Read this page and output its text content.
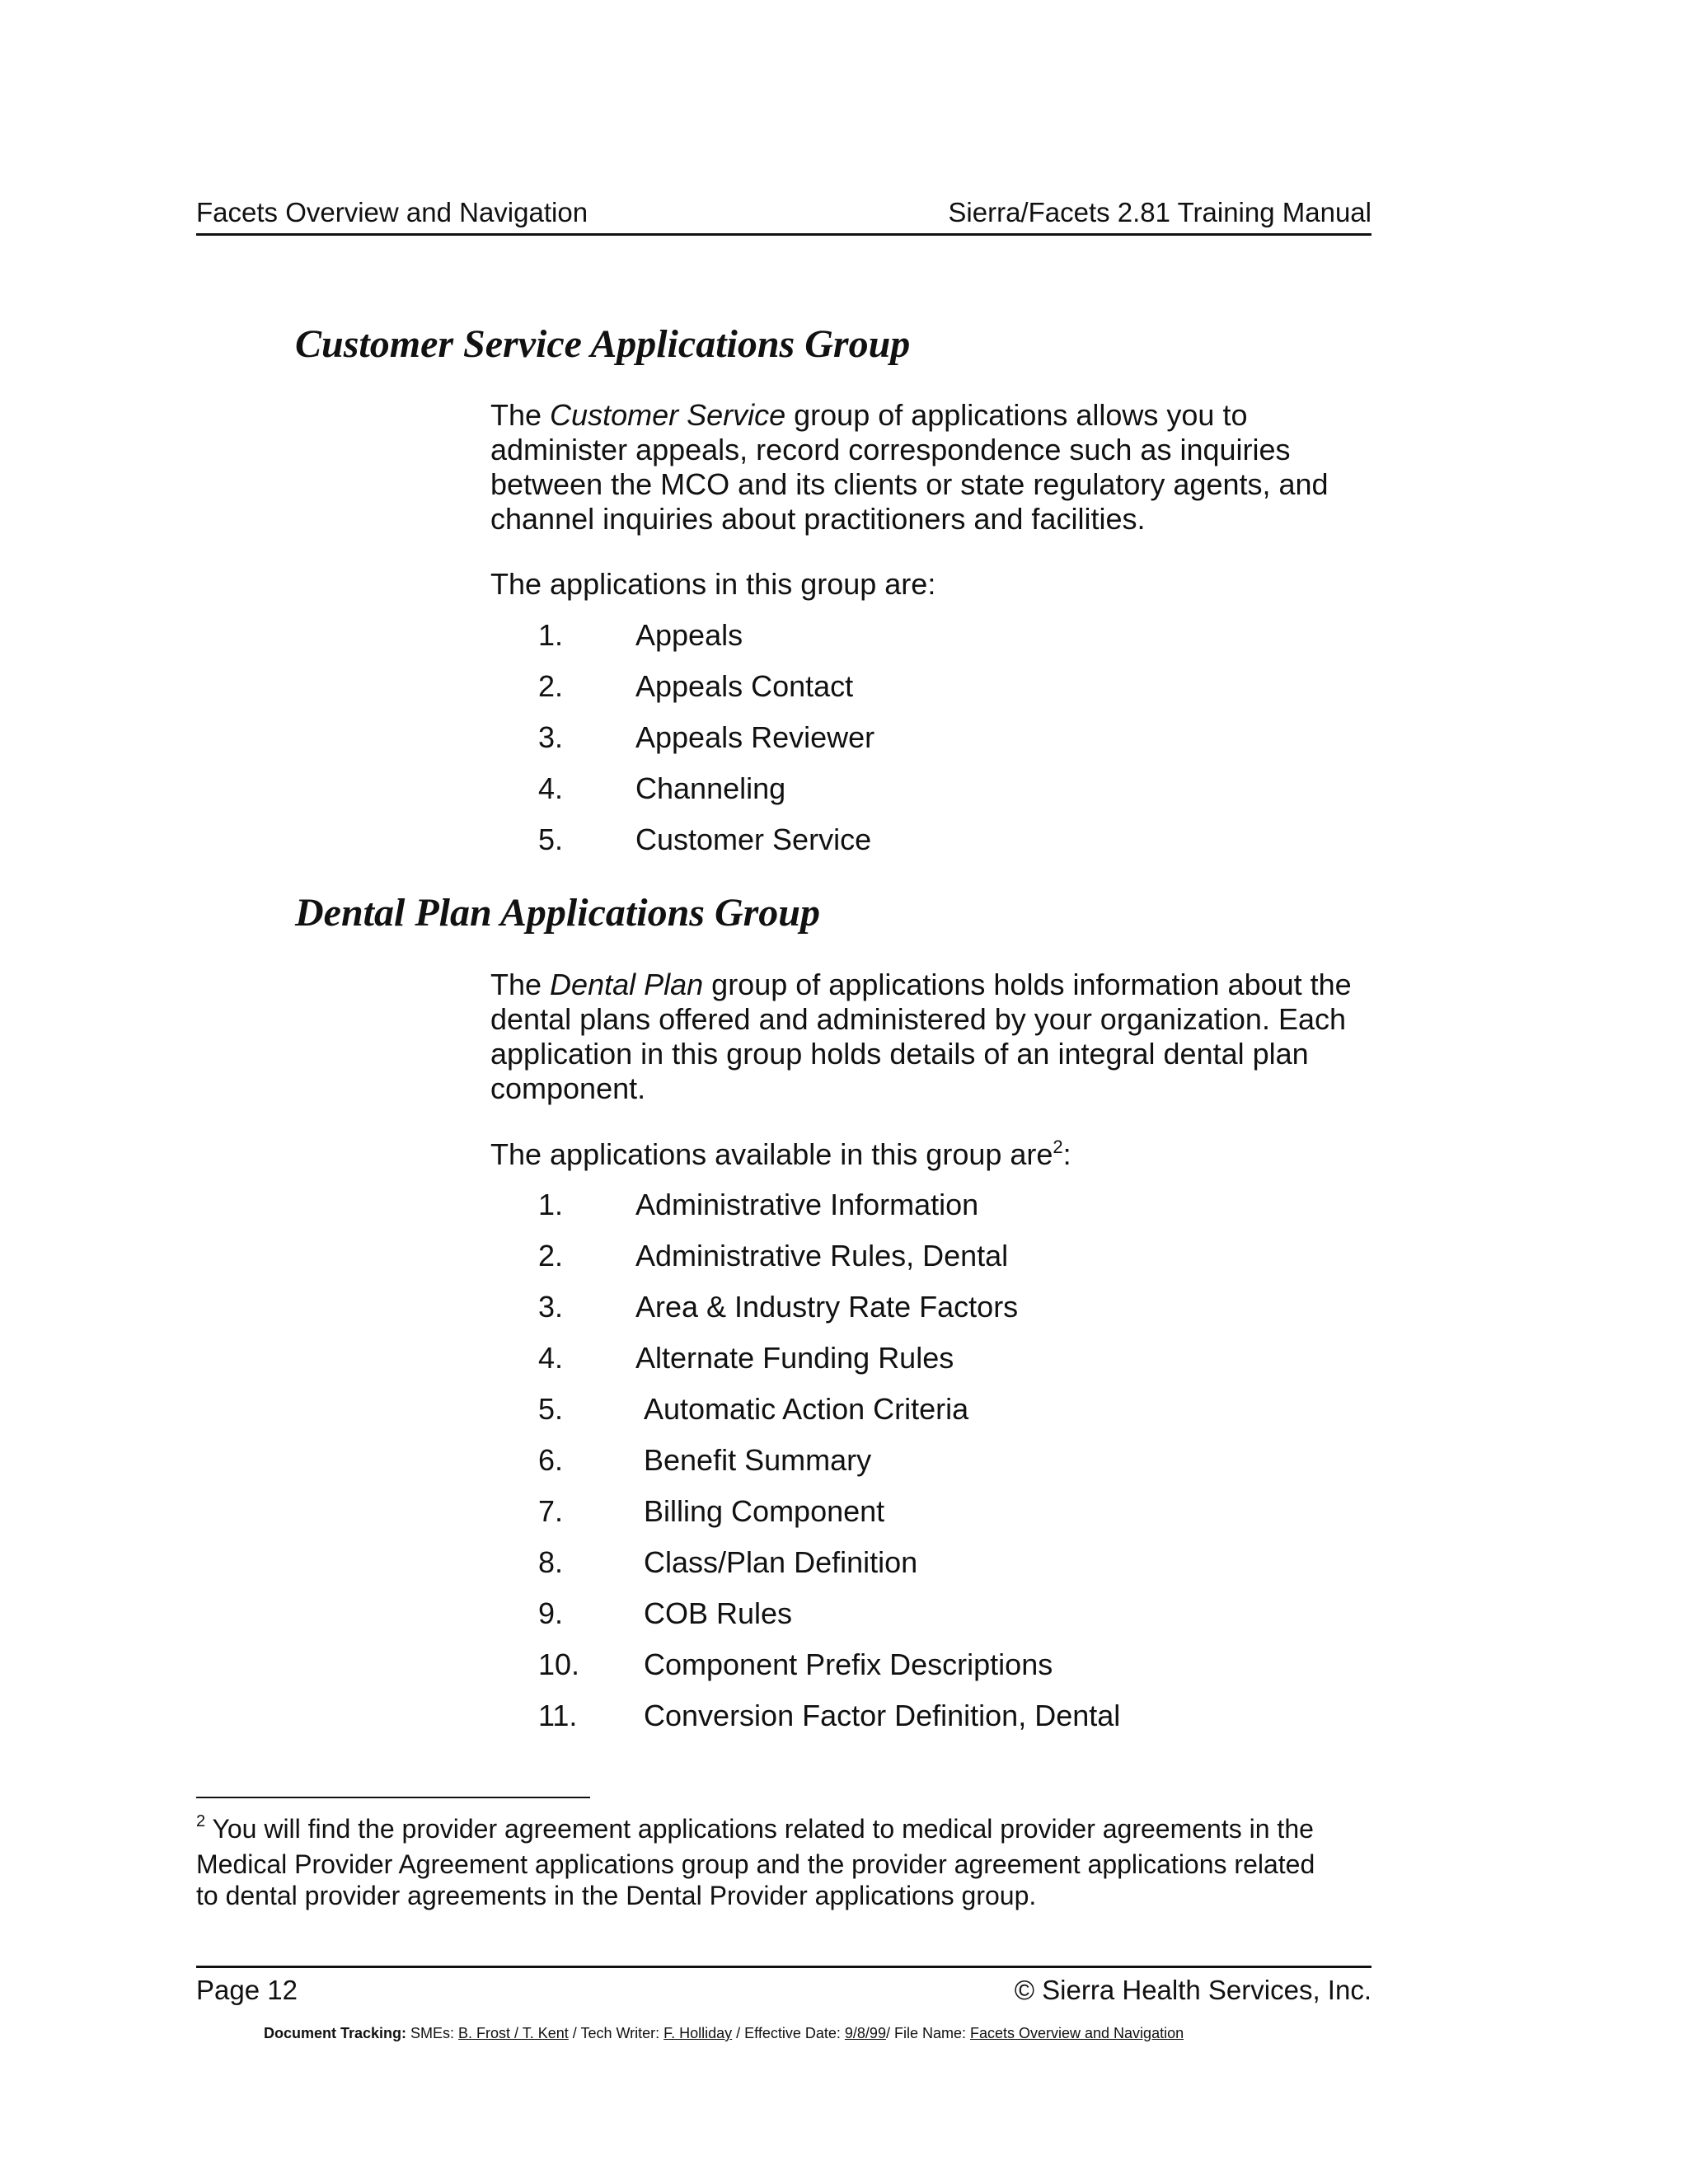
Facets Overview and Navigation	Sierra/Facets 2.81 Training Manual
Customer Service Applications Group

The Customer Service group of applications allows you to

administer appeals, record correspondence such as inquiries

between the MCO and its clients or state regulatory agents, and

channel inquiries about practitioners and facilities.

The applications in this group are:
1. Appeals
2. Appeals Contact
3. Appeals Reviewer
4. Channeling
5. Customer Service
Dental Plan Applications Group

The Dental Plan group of applications holds information about the

dental plans offered and administered by your organization. Each

application in this group holds details of an integral dental plan

component.

The applications available in this group are$^2$:
1. Administrative Information
2. Administrative Rules, Dental
3. Area & Industry Rate Factors
4. Alternate Funding Rules
5.	Automatic Action Criteria
6.	Benefit Summary
7.	Billing Component
8.	Class/Plan Definition
9.	COB Rules
10. Component Prefix Descriptions
11. Conversion Factor Definition, Dental
$^2$ You will find the provider agreement applications related to medical provider agreements in the
Medical Provider Agreement applications group and the provider agreement applications related
to dental provider agreements in the Dental Provider applications group.
Page 12	© Sierra Health Services, Inc.
Document Tracking: SMEs: B. Frost / T. Kent / Tech Writer: F. Holliday / Effective Date: 9/8/99/ File Name: Facets Overview and Navigation
